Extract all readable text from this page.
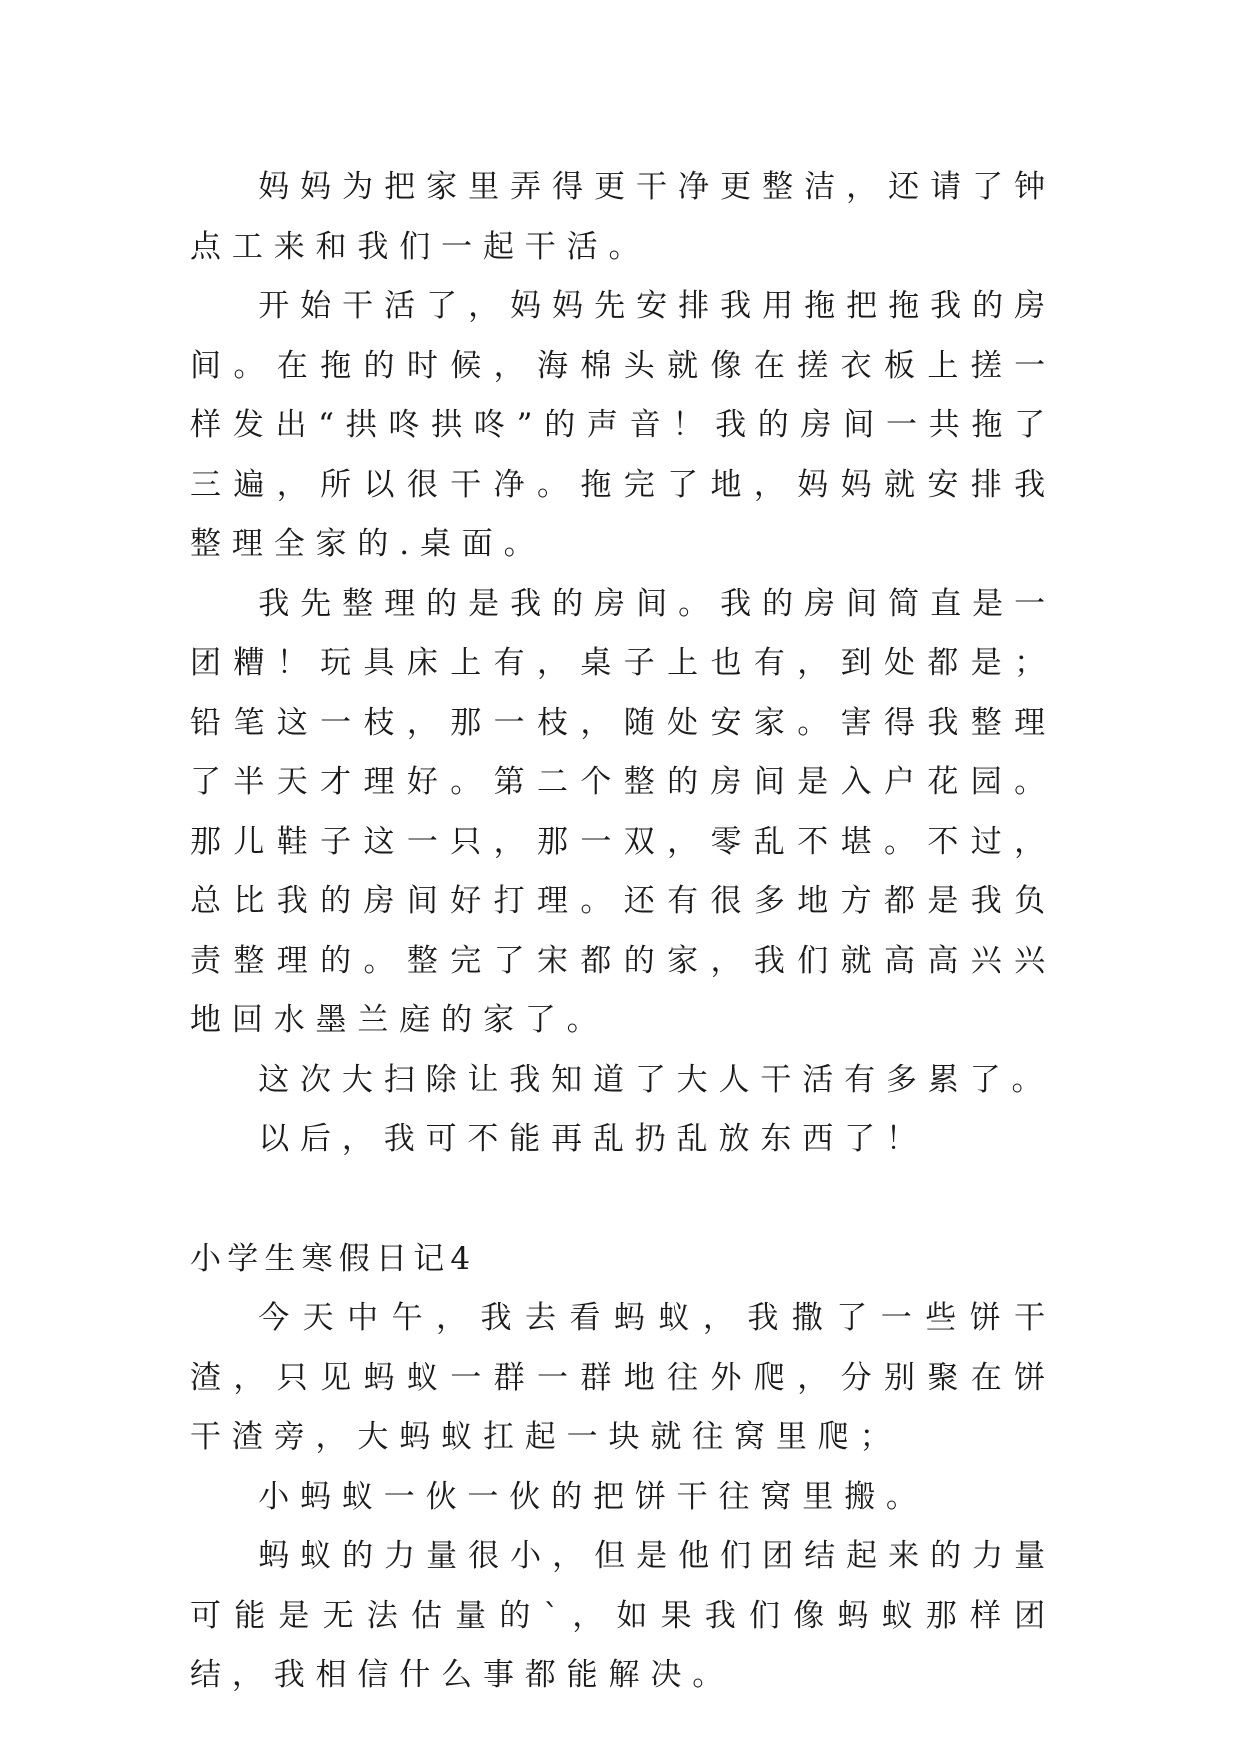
妈妈为把家里弄得更干净更整洁，还请了钟点工来和我们一起干活。

开始干活了，妈妈先安排我用拖把拖我的房间。在拖的时候，海棉头就像在搓衣板上搓一样发出“拱咚拱咚”的声音！我的房间一共拖了三遍，所以很干净。拖完了地，妈妈就安排我整理全家的.桌面。

我先整理的是我的房间。我的房间简直是一团糟！玩具床上有，桌子上也有，到处都是；铅笔这一枝，那一枝，随处安家。害得我整理了半天才理好。第二个整的房间是入户花园。那儿鞋子这一只，那一双，零乱不堪。不过，总比我的房间好打理。还有很多地方都是我负责整理的。整完了宋都的家，我们就高高兴兴地回水墨兰庭的家了。

这次大扫除让我知道了大人干活有多累了。

以后，我可不能再乱扔乱放东西了！

小学生寒假日记4

今天中午，我去看蚂蚁，我撒了一些饼干渣，只见蚂蚁一群一群地往外爬，分别聚在饼干渣旁，大蚂蚁扛起一块就往窝里爬；

小蚂蚁一伙一伙的把饼干往窝里搬。

蚂蚁的力量很小，但是他们团结起来的力量可能是无法估量的`，如果我们像蚂蚁那样团结，我相信什么事都能解决。
